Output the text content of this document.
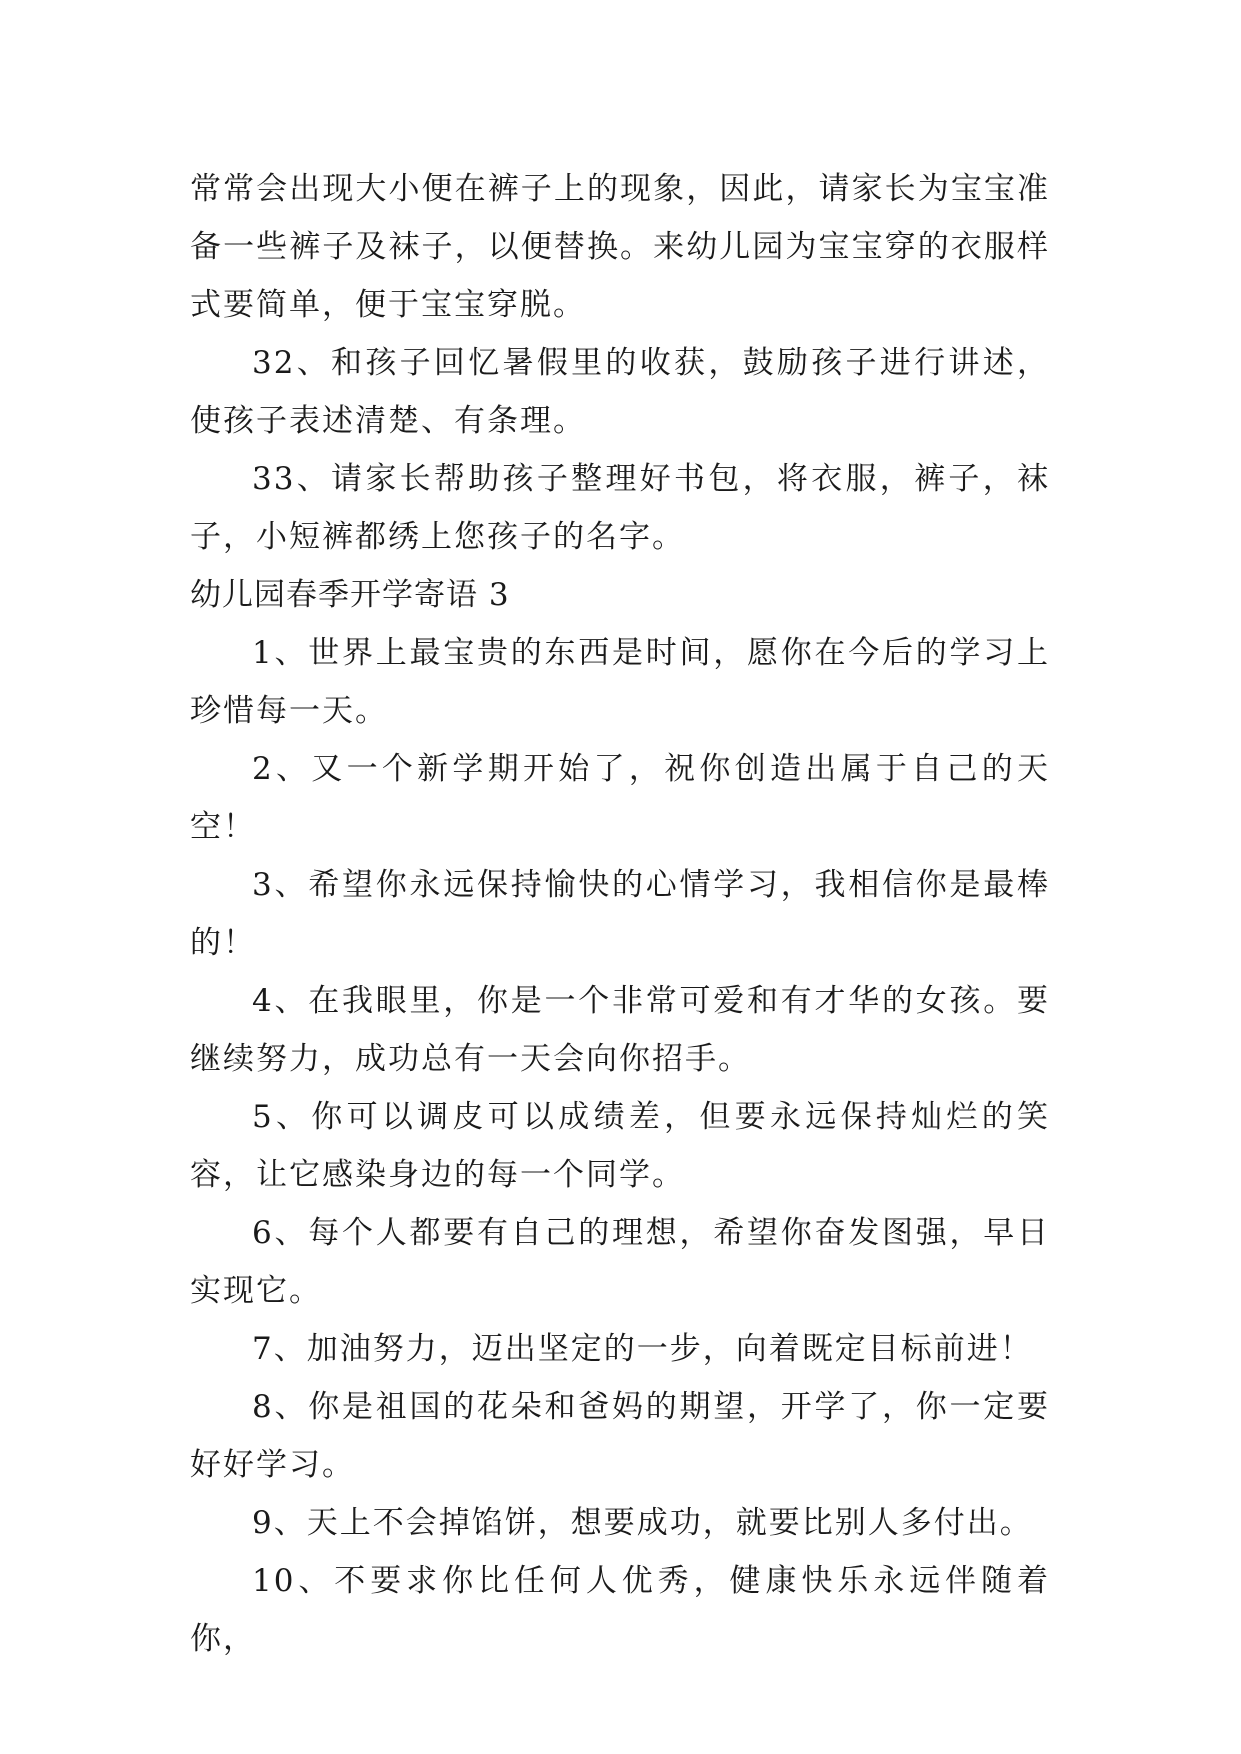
常常会出现大小便在裤子上的现象，因此，请家长为宝宝准备一些裤子及袜子，以便替换。来幼儿园为宝宝穿的衣服样式要简单，便于宝宝穿脱。

32、和孩子回忆暑假里的收获，鼓励孩子进行讲述，使孩子表述清楚、有条理。

33、请家长帮助孩子整理好书包，将衣服，裤子，袜子，小短裤都绣上您孩子的名字。

幼儿园春季开学寄语 3

1、世界上最宝贵的东西是时间，愿你在今后的学习上珍惜每一天。

2、又一个新学期开始了，祝你创造出属于自己的天空！

3、希望你永远保持愉快的心情学习，我相信你是最棒的！

4、在我眼里，你是一个非常可爱和有才华的女孩。要继续努力，成功总有一天会向你招手。

5、你可以调皮可以成绩差，但要永远保持灿烂的笑容，让它感染身边的每一个同学。

6、每个人都要有自己的理想，希望你奋发图强，早日实现它。

7、加油努力，迈出坚定的一步，向着既定目标前进！

8、你是祖国的花朵和爸妈的期望，开学了，你一定要好好学习。

9、天上不会掉馅饼，想要成功，就要比别人多付出。

10、不要求你比任何人优秀，健康快乐永远伴随着你，
